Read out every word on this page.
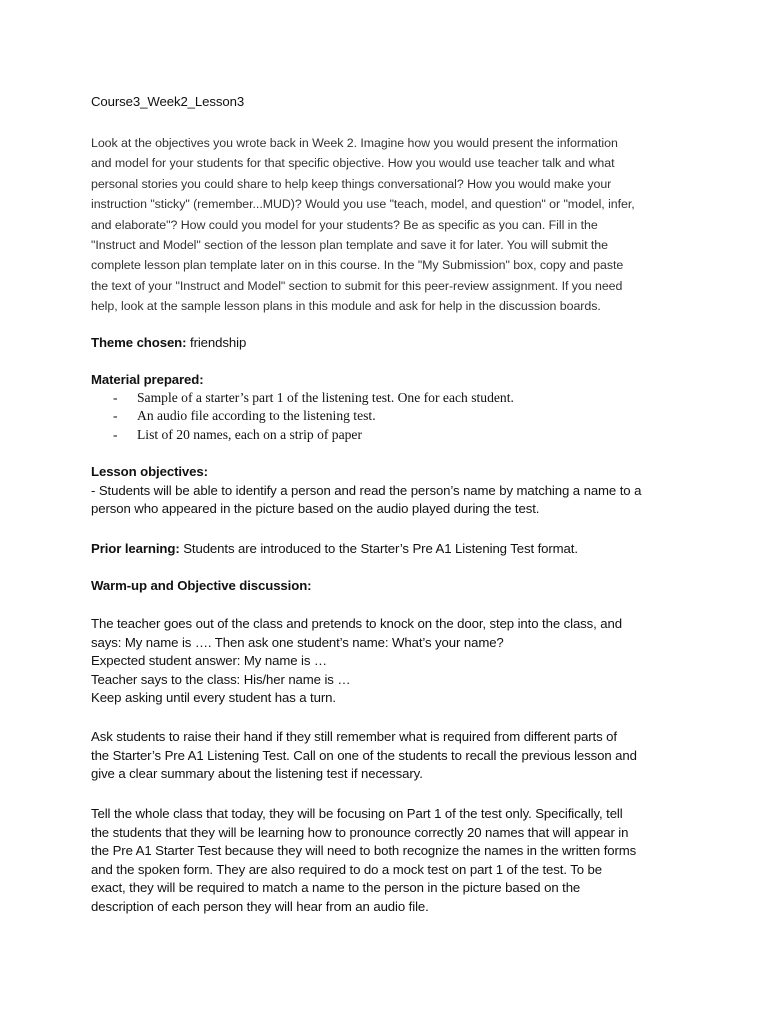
Course3_Week2_Lesson3

Look at the objectives you wrote back in Week 2. Imagine how you would present the information

and model for your students for that specific objective. How you would use teacher talk and what

personal stories you could share to help keep things conversational? How you would make your

instruction "sticky" (remember...MUD)? Would you use "teach, model, and question" or "model, infer,

and elaborate"? How could you model for your students? Be as specific as you can. Fill in the

"Instruct and Model" section of the lesson plan template and save it for later. You will submit the

complete lesson plan template later on in this course. In the "My Submission" box, copy and paste

the text of your "Instruct and Model" section to submit for this peer-review assignment. If you need

help, look at the sample lesson plans in this module and ask for help in the discussion boards.

Theme chosen: friendship
Material prepared:
- Sample of a starter’s part 1 of the listening test. One for each student.
- An audio file according to the listening test.
- List of 20 names, each on a strip of paper

Lesson objectives:

- Students will be able to identify a person and read the person’s name by matching a name to a

person who appeared in the picture based on the audio played during the test.

Prior learning: Students are introduced to the Starter’s Pre A1 Listening Test format.
Warm-up and Objective discussion:

The teacher goes out of the class and pretends to knock on the door, step into the class, and

says: My name is …. Then ask one student’s name: What’s your name?

Expected student answer: My name is …

Teacher says to the class: His/her name is …

Keep asking until every student has a turn.

Ask students to raise their hand if they still remember what is required from different parts of

the Starter’s Pre A1 Listening Test. Call on one of the students to recall the previous lesson and

give a clear summary about the listening test if necessary.

Tell the whole class that today, they will be focusing on Part 1 of the test only. Specifically, tell

the students that they will be learning how to pronounce correctly 20 names that will appear in

the Pre A1 Starter Test because they will need to both recognize the names in the written forms

and the spoken form. They are also required to do a mock test on part 1 of the test. To be

exact, they will be required to match a name to the person in the picture based on the

description of each person they will hear from an audio file.
